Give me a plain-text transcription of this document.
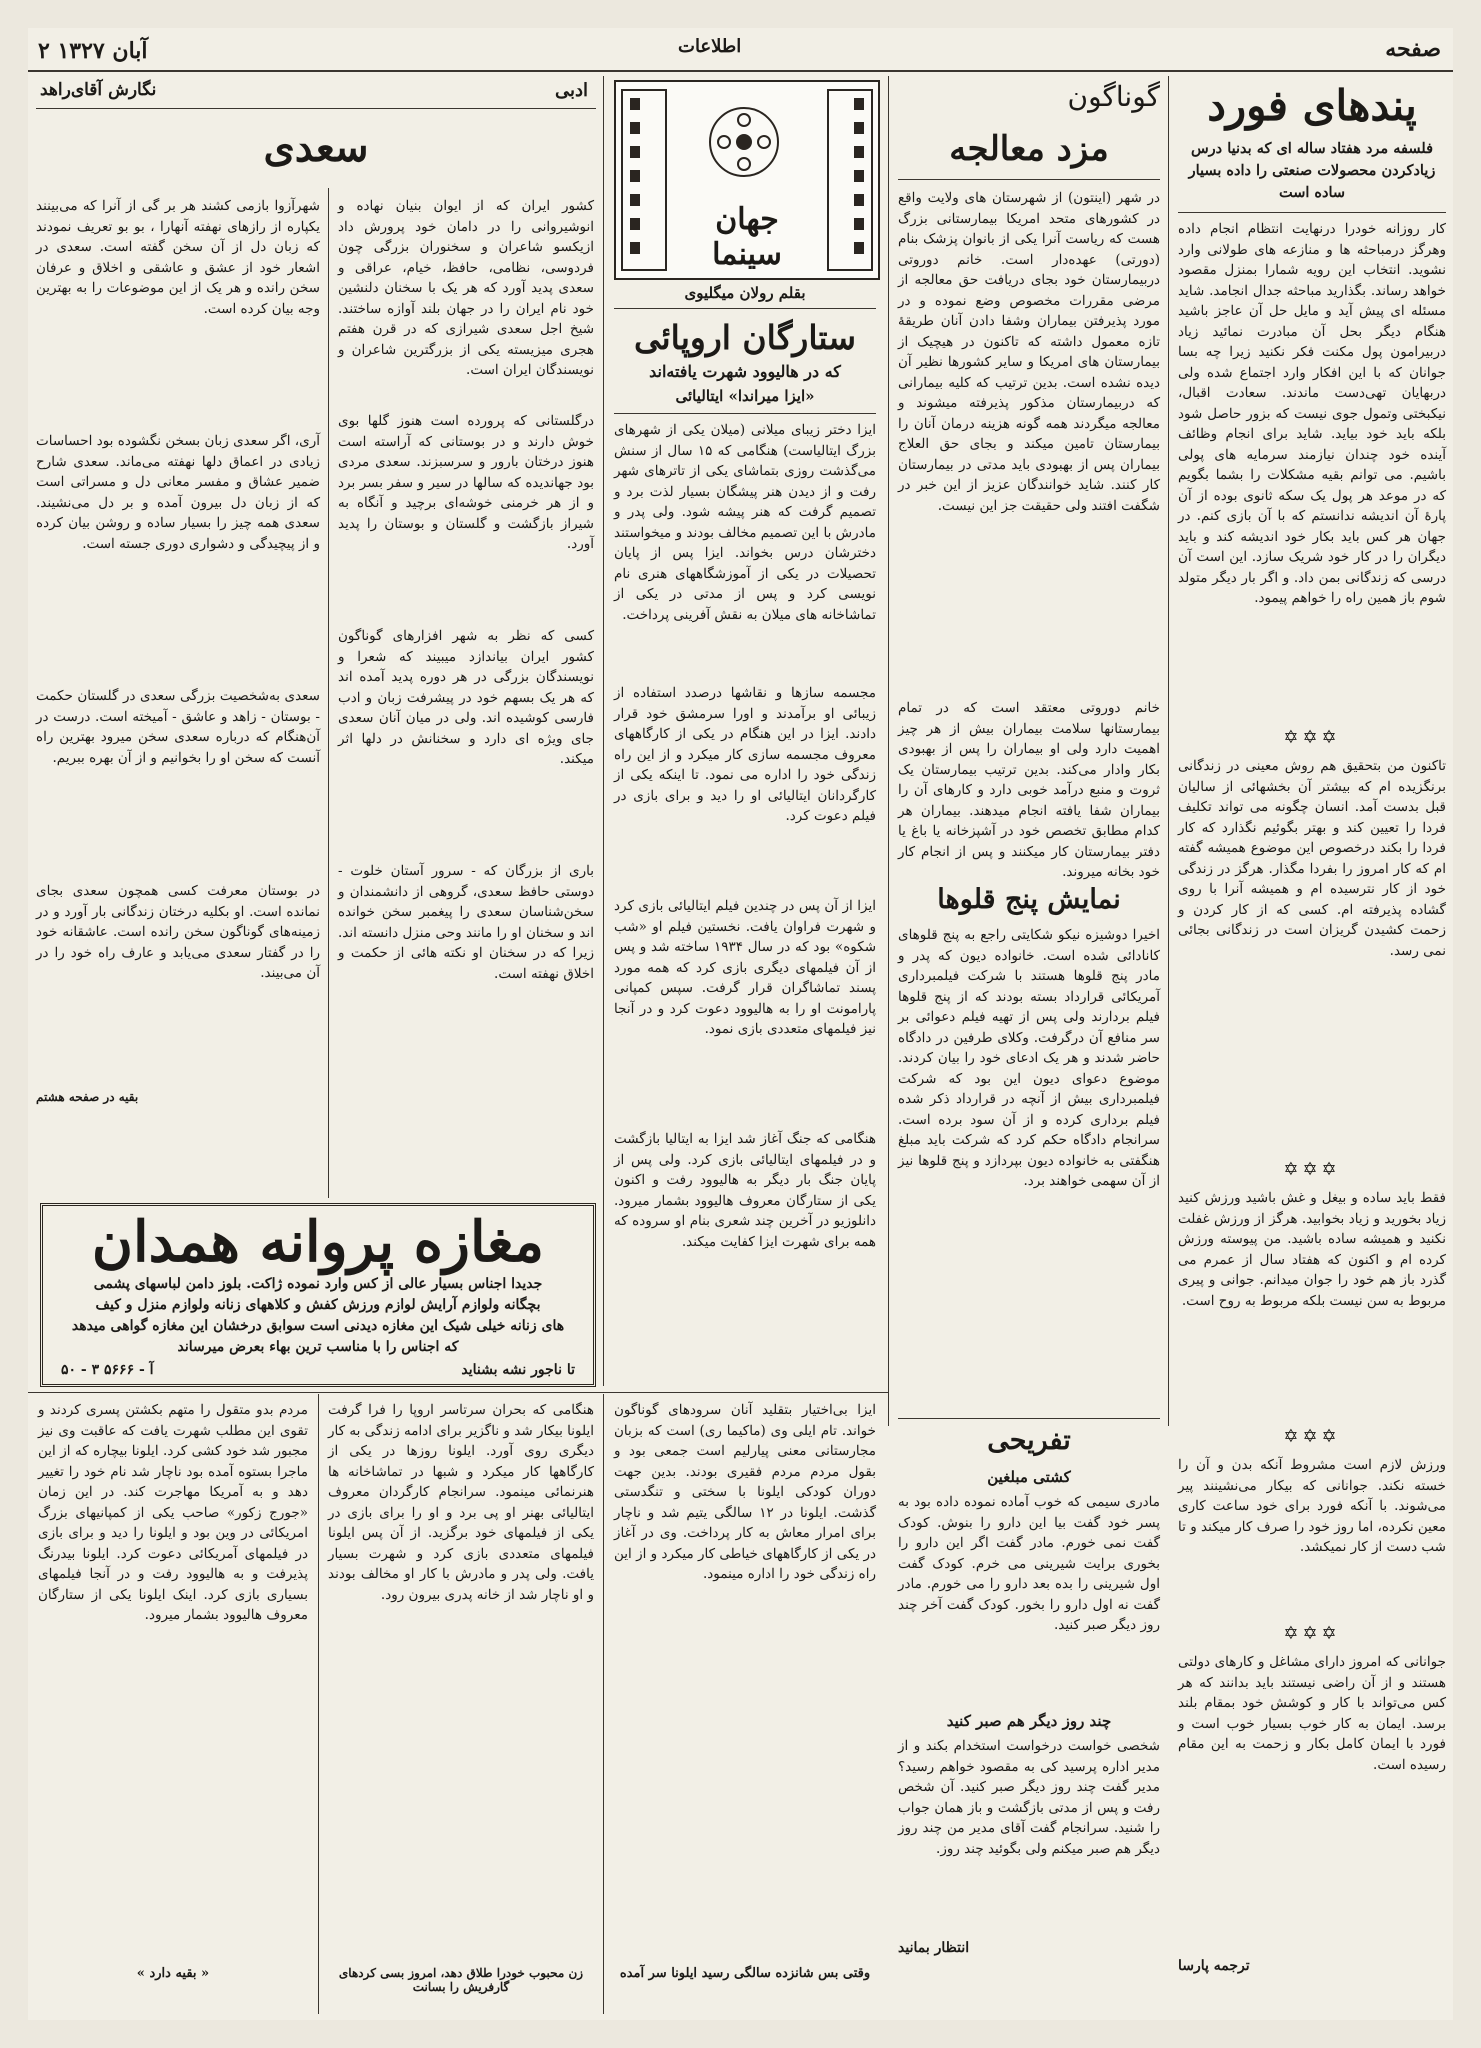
۲ آبان ۱۳۲۷	اطلاعات	صفحه
پندهای فورد
فلسفه مرد هفتاد ساله ای که بدنیا درس زیادکردن محصولات صنعتی را داده بسیار ساده است
کار روزانه خودرا درنهایت انتظام انجام داده وهرگز درمباحثه ها و منازعه های طولانی وارد نشوید. انتخاب این رویه شمارا بمنزل مقصود خواهد رساند. بگذارید مباحثه جدال انجامد. شاید مسئله ای پیش آید و مایل حل آن عاجز باشید هنگام دیگر بحل آن مبادرت نمائید زیاد دربیرامون پول مکنت فکر نکنید زیرا چه بسا جوانان که با این افکار وارد اجتماع شده ولی دربهایان تهی‌دست ماندند. سعادت اقبال، نیکبختی وتمول جوی نیست که بزور حاصل شود بلکه باید خود بیاید. شاید برای انجام وظائف آینده خود چندان نیازمند سرمایه های پولی باشیم. می توانم بقیه مشکلات را بشما بگویم که در موعد هر پول یک سکه ثانوی بوده از آن پارۀ آن اندیشه ندانستم که با آن بازی کنم. در جهان هر کس باید بکار خود اندیشه کند و باید دیگران را در کار خود شریک سازد. این است آن درسی که زندگانی بمن داد. و اگر بار دیگر متولد شوم باز همین راه را خواهم پیمود.
✡✡✡
تاکنون من بتحقیق هم روش معینی در زندگانی برنگزیده ام که بیشتر آن بخشهائی از سالیان قبل بدست آمد. انسان چگونه می تواند تکلیف فردا را تعیین کند و بهتر بگوئیم نگذارد که کار فردا را بکند درخصوص این موضوع همیشه گفته ام که کار امروز را بفردا مگذار. هرگز در زندگی خود از کار نترسیده ام و همیشه آنرا با روی گشاده پذیرفته ام. کسی که از کار کردن و زحمت کشیدن گریزان است در زندگانی بجائی نمی رسد.
✡✡✡
فقط باید ساده و بیغل و غش باشید ورزش کنید زیاد بخورید و زیاد بخوابید. هرگز از ورزش غفلت نکنید و همیشه ساده باشید. من پیوسته ورزش کرده ام و اکنون که هفتاد سال از عمرم می گذرد باز هم خود را جوان میدانم. جوانی و پیری مربوط به سن نیست بلکه مربوط به روح است.
✡✡✡
ورزش لازم است مشروط آنکه بدن و آن را خسته نکند. جوانانی که بیکار می‌نشینند پیر می‌شوند. با آنکه فورد برای خود ساعت کاری معین نکرده، اما روز خود را صرف کار میکند و تا شب دست از کار نمیکشد.
✡✡✡
جوانانی که امروز دارای مشاغل و کارهای دولتی هستند و از آن راضی نیستند باید بدانند که هر کس می‌تواند با کار و کوشش خود بمقام بلند برسد. ایمان به کار خوب بسیار خوب است و فورد با ایمان کامل بکار و زحمت به این مقام رسیده است.
ترجمه پارسا
گوناگون
مزد معالجه
در شهر (اینتون) از شهرستان های ولایت واقع در کشورهای متحد امریکا بیمارستانی بزرگ هست که ریاست آنرا یکی از بانوان پزشک بنام (دورتی) عهده‌دار است. خانم دوروتی دربیمارستان خود بجای دریافت حق معالجه از مرضی مقررات مخصوص وضع نموده و در مورد پذیرفتن بیماران وشفا دادن آنان طریقۀ تازه معمول داشته که تاکنون در هیچیک از بیمارستان های امریکا و سایر کشورها نظیر آن دیده نشده است. بدین ترتیب که کلیه بیمارانی که دربیمارستان مذکور پذیرفته میشوند و معالجه میگردند همه گونه هزینه درمان آنان را بیمارستان تامین میکند و بجای حق العلاج بیماران پس از بهبودی باید مدتی در بیمارستان کار کنند. شاید خوانندگان عزیز از این خبر در شگفت افتند ولی حقیقت جز این نیست.
خانم دوروتی معتقد است که در تمام بیمارستانها سلامت بیماران بیش از هر چیز اهمیت دارد ولی او بیماران را پس از بهبودی بکار وادار می‌کند. بدین ترتیب بیمارستان یک ثروت و منبع درآمد خوبی دارد و کارهای آن را بیماران شفا یافته انجام میدهند. بیماران هر کدام مطابق تخصص خود در آشپزخانه یا باغ یا دفتر بیمارستان کار میکنند و پس از انجام کار خود بخانه میروند.
نمایش پنج قلوها
اخیرا دوشیزه نیکو شکایتی راجع به پنج قلوهای کانادائی شده است. خانواده دیون که پدر و مادر پنج قلوها هستند با شرکت فیلمبرداری آمریکائی قرارداد بسته بودند که از پنج قلوها فیلم بردارند ولی پس از تهیه فیلم دعوائی بر سر منافع آن درگرفت. وکلای طرفین در دادگاه حاضر شدند و هر یک ادعای خود را بیان کردند. موضوع دعوای دیون این بود که شرکت فیلمبرداری بیش از آنچه در قرارداد ذکر شده فیلم برداری کرده و از آن سود برده است. سرانجام دادگاه حکم کرد که شرکت باید مبلغ هنگفتی به خانواده دیون بپردازد و پنج قلوها نیز از آن سهمی خواهند برد.
تفریحی
کشتی مبلغین
مادری سیمی که خوب آماده نموده داده بود به پسر خود گفت بیا این دارو را بنوش. کودک گفت نمی خورم. مادر گفت اگر این دارو را بخوری برایت شیرینی می خرم. کودک گفت اول شیرینی را بده بعد دارو را می خورم. مادر گفت نه اول دارو را بخور. کودک گفت آخر چند روز دیگر صبر کنید.
چند روز دیگر هم صبر کنید
شخصی خواست درخواست استخدام بکند و از مدیر اداره پرسید کی به مقصود خواهم رسید؟ مدیر گفت چند روز دیگر صبر کنید. آن شخص رفت و پس از مدتی بازگشت و باز همان جواب را شنید. سرانجام گفت آقای مدیر من چند روز دیگر هم صبر میکنم ولی بگوئید چند روز.
انتظار بمانید
جهان سینما
بقلم رولان میگلیوی
ستارگان اروپائی
که در هالیوود شهرت یافته‌اند
«ایزا میراندا» ایتالیائی
ایزا دختر زیبای میلانی (میلان یکی از شهرهای بزرگ ایتالیاست) هنگامی که ۱۵ سال از سنش می‌گذشت روزی بتماشای یکی از تاترهای شهر رفت و از دیدن هنر پیشگان بسیار لذت برد و تصمیم گرفت که هنر پیشه شود. ولی پدر و مادرش با این تصمیم مخالف بودند و میخواستند دخترشان درس بخواند. ایزا پس از پایان تحصیلات در یکی از آموزشگاههای هنری نام نویسی کرد و پس از مدتی در یکی از تماشاخانه های میلان به نقش آفرینی پرداخت.
مجسمه سازها و نقاشها درصدد استفاده از زیبائی او برآمدند و اورا سرمشق خود قرار دادند. ایزا در این هنگام در یکی از کارگاههای معروف مجسمه سازی کار میکرد و از این راه زندگی خود را اداره می نمود. تا اینکه یکی از کارگردانان ایتالیائی او را دید و برای بازی در فیلم دعوت کرد.
ایزا از آن پس در چندین فیلم ایتالیائی بازی کرد و شهرت فراوان یافت. نخستین فیلم او «شب شکوه» بود که در سال ۱۹۳۴ ساخته شد و پس از آن فیلمهای دیگری بازی کرد که همه مورد پسند تماشاگران قرار گرفت. سپس کمپانی پارامونت او را به هالیوود دعوت کرد و در آنجا نیز فیلمهای متعددی بازی نمود.
هنگامی که جنگ آغاز شد ایزا به ایتالیا بازگشت و در فیلمهای ایتالیائی بازی کرد. ولی پس از پایان جنگ بار دیگر به هالیوود رفت و اکنون یکی از ستارگان معروف هالیوود بشمار میرود. دانلوزیو در آخرین چند شعری بنام او سروده که همه برای شهرت ایزا کفایت میکند.
ادبی
نگارش آقای‌راهد
سعدی
کشور ایران که از ایوان بنیان نهاده و انوشیروانی را در دامان خود پرورش داد ازیکسو شاعران و سخنوران بزرگی چون فردوسی، نظامی، حافظ، خیام، عراقی و سعدی پدید آورد که هر یک با سخنان دلنشین خود نام ایران را در جهان بلند آوازه ساختند. شیخ اجل سعدی شیرازی که در قرن هفتم هجری میزیسته یکی از بزرگترین شاعران و نویسندگان ایران است.
درگلستانی که پرورده است هنوز گلها بوی خوش دارند و در بوستانی که آراسته است هنوز درختان بارور و سرسبزند. سعدی مردی بود جهاندیده که سالها در سیر و سفر بسر برد و از هر خرمنی خوشه‌ای برچید و آنگاه به شیراز بازگشت و گلستان و بوستان را پدید آورد.
کسی که نظر به شهر افزارهای گوناگون کشور ایران بیاندازد میبیند که شعرا و نویسندگان بزرگی در هر دوره پدید آمده اند که هر یک بسهم خود در پیشرفت زبان و ادب فارسی کوشیده اند. ولی در میان آنان سعدی جای ویژه ای دارد و سخنانش در دلها اثر میکند.
باری از بزرگان که - سرور آستان خلوت - دوستی حافظ سعدی، گروهی از دانشمندان و سخن‌شناسان سعدی را پیغمبر سخن خوانده اند و سخنان او را مانند وحی منزل دانسته اند. زیرا که در سخنان او نکته هائی از حکمت و اخلاق نهفته است.
شهرآزوا بازمی کشند هر بر گی از آنرا که می‌بینند یکپاره از رازهای نهفته آنهارا ، بو بو تعریف نمودند که زبان دل از آن سخن گفته است. سعدی در اشعار خود از عشق و عاشقی و اخلاق و عرفان سخن رانده و هر یک از این موضوعات را به بهترین وجه بیان کرده است.
آری، اگر سعدی زبان بسخن نگشوده بود احساسات زیادی در اعماق دلها نهفته می‌ماند. سعدی شارح ضمیر عشاق و مفسر معانی دل و مسراتی است که از زبان دل بیرون آمده و بر دل می‌نشیند. سعدی همه چیز را بسیار ساده و روشن بیان کرده و از پیچیدگی و دشواری دوری جسته است.
سعدی به‌شخصیت بزرگی سعدی در گلستان حکمت - بوستان - زاهد و عاشق - آمیخته است. درست در آن‌هنگام که درباره سعدی سخن میرود بهترین راه آنست که سخن او را بخوانیم و از آن بهره ببریم.
در بوستان معرفت کسی همچون سعدی بجای نمانده است. او بکلیه درختان زندگانی بار آورد و در زمینه‌های گوناگون سخن رانده است. عاشقانه خود را در گفتار سعدی می‌یابد و عارف راه خود را در آن می‌بیند.
بقیه در صفحه هشتم
مغازه پروانه همدان
جدیدا اجناس بسیار عالی از کس وارد نموده ژاکت. بلوز دامن لباسهای پشمی
بچگانه ولوازم آرایش لوازم ورزش کفش و کلاههای زنانه ولوازم منزل و کیف
های زنانه خیلی شیک این مغازه دیدنی است سوابق درخشان این مغازه گواهی میدهد
که اجناس را با مناسب ترین بهاء بعرض میرساند
آ - ۵۶۶۶ ۳ - ۵۰	تا ناجور نشه بشناید
ایزا بی‌اختیار بتقلید آنان سرودهای گوناگون خواند. تام ایلی وی (ماکیما ری) است که بزبان مجارستانی معنی پیارلیم است جمعی بود و بقول مردم مردم فقیری بودند. بدین جهت دوران کودکی ایلونا با سختی و تنگدستی گذشت. ایلونا در ۱۲ سالگی یتیم شد و ناچار برای امرار معاش به کار پرداخت. وی در آغاز در یکی از کارگاههای خیاطی کار میکرد و از این راه زندگی خود را اداره مینمود.
وقتی بس شانزده سالگی رسید ایلونا سر آمده
هنگامی که بحران سرتاسر اروپا را فرا گرفت ایلونا بیکار شد و ناگزیر برای ادامه زندگی به کار دیگری روی آورد. ایلونا روزها در یکی از کارگاهها کار میکرد و شبها در تماشاخانه ها هنرنمائی مینمود. سرانجام کارگردان معروف ایتالیائی بهنر او پی برد و او را برای بازی در یکی از فیلمهای خود برگزید. از آن پس ایلونا فیلمهای متعددی بازی کرد و شهرت بسیار یافت. ولی پدر و مادرش با کار او مخالف بودند و او ناچار شد از خانه پدری بیرون رود.
زن محبوب خودرا طلاق دهد، امروز بسی کردهای گارفریش را بسانت
مردم بدو متقول را متهم بکشتن پسری کردند و تقوی این مطلب شهرت یافت که عاقبت وی نیز مجبور شد خود کشی کرد. ایلونا بیچاره که از این ماجرا بستوه آمده بود ناچار شد نام خود را تغییر دهد و به آمریکا مهاجرت کند. در این زمان «جورج زکور» صاحب یکی از کمپانیهای بزرگ امریکائی در وین بود و ایلونا را دید و برای بازی در فیلمهای آمریکائی دعوت کرد. ایلونا بیدرنگ پذیرفت و به هالیوود رفت و در آنجا فیلمهای بسیاری بازی کرد. اینک ایلونا یکی از ستارگان معروف هالیوود بشمار میرود.
« بقیه دارد »
